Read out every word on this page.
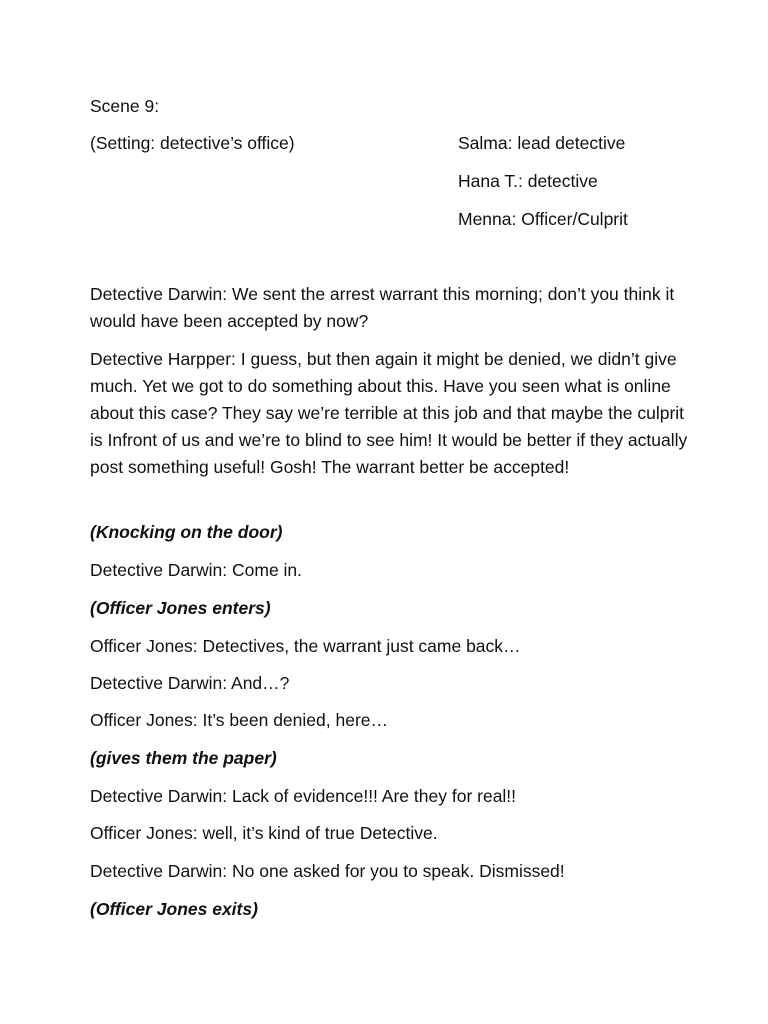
Scene 9:
(Setting: detective’s office)	Salma: lead detective
Hana T.: detective
Menna: Officer/Culprit
Detective Darwin: We sent the arrest warrant this morning; don’t you think it would have been accepted by now?
Detective Harpper: I guess, but then again it might be denied, we didn’t give much. Yet we got to do something about this. Have you seen what is online about this case? They say we’re terrible at this job and that maybe the culprit is Infront of us and we’re to blind to see him! It would be better if they actually post something useful! Gosh! The warrant better be accepted!
(Knocking on the door)
Detective Darwin: Come in.
(Officer Jones enters)
Officer Jones: Detectives, the warrant just came back…
Detective Darwin: And…?
Officer Jones: It’s been denied, here…
(gives them the paper)
Detective Darwin: Lack of evidence!!! Are they for real!!
Officer Jones: well, it’s kind of true Detective.
Detective Darwin: No one asked for you to speak. Dismissed!
(Officer Jones exits)
